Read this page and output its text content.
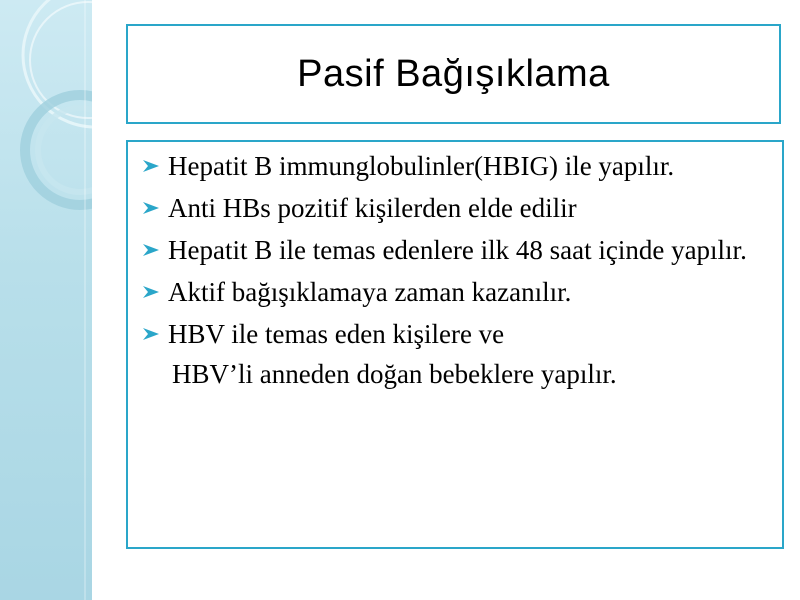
Pasif Bağışıklama
Hepatit B immunglobulinler(HBIG) ile yapılır.
Anti HBs pozitif kişilerden elde edilir
Hepatit B ile temas edenlere ilk 48 saat içinde yapılır.
Aktif bağışıklamaya zaman kazanılır.
HBV ile temas eden kişilere ve
HBV’li anneden doğan bebeklere yapılır.
